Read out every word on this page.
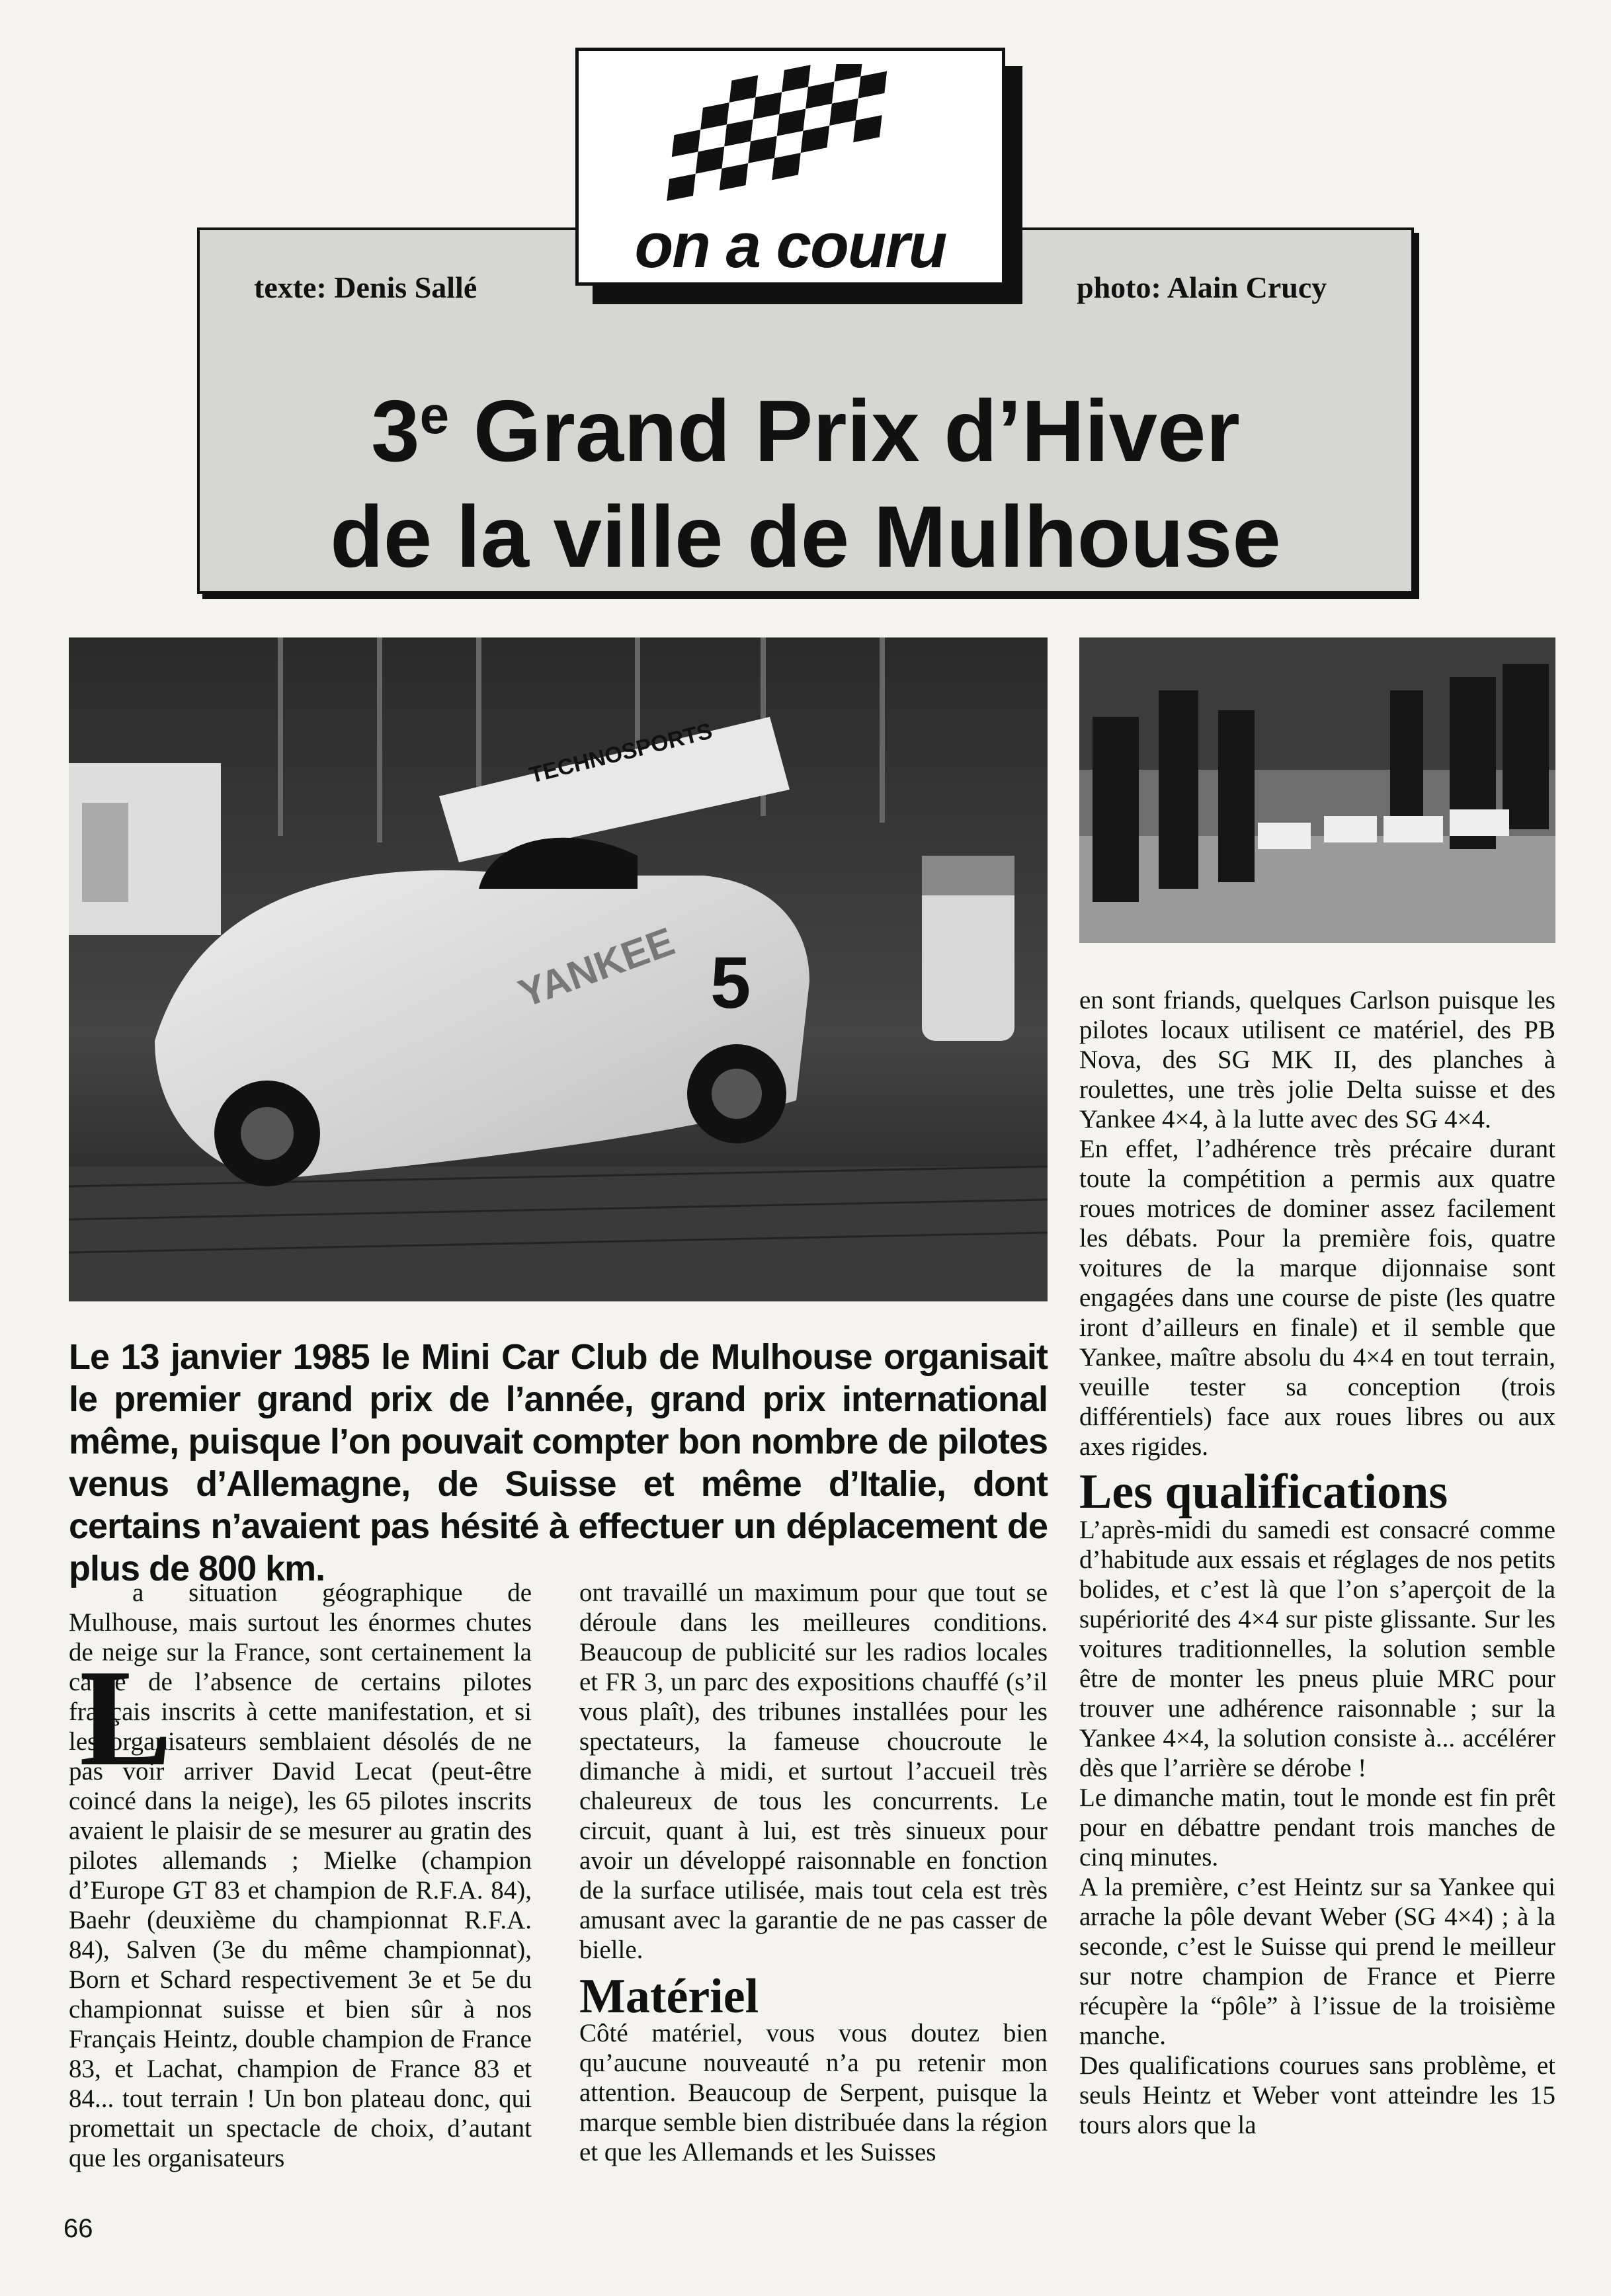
texte: Denis Sallé	photo: Alain Crucy
on a couru
3e Grand Prix d’Hiver
de la ville de Mulhouse
5
YANKEE
TECHNOSPORTS
Le 13 janvier 1985 le Mini Car Club de Mulhouse organisait le premier grand prix de l’année, grand prix international même, puisque l’on pouvait compter bon nombre de pilotes venus d’Allemagne, de Suisse et même d’Italie, dont certains n’avaient pas hésité à effectuer un déplacement de plus de 800 km.
L

a situation géographique de Mulhouse, mais surtout les énormes chutes de neige sur la France, sont certainement la cause de l’absence de certains pilotes français inscrits à cette manifestation, et si les organisateurs semblaient désolés de ne pas voir arriver David Lecat (peut-être coincé dans la neige), les 65 pilotes inscrits avaient le plaisir de se mesurer au gratin des pilotes allemands ; Mielke (champion d’Europe GT 83 et champion de R.F.A. 84), Baehr (deuxième du championnat R.F.A. 84), Salven (3e du même championnat), Born et Schard respectivement 3e et 5e du championnat suisse et bien sûr à nos Français Heintz, double champion de France 83, et Lachat, champion de France 83 et 84... tout terrain ! Un bon plateau donc, qui promettait un spectacle de choix, d’autant que les organisateurs

ont travaillé un maximum pour que tout se déroule dans les meilleures conditions. Beaucoup de publicité sur les radios locales et FR 3, un parc des expositions chauffé (s’il vous plaît), des tribunes installées pour les spectateurs, la fameuse choucroute le dimanche à midi, et surtout l’accueil très chaleureux de tous les concurrents. Le circuit, quant à lui, est très sinueux pour avoir un développé raisonnable en fonction de la surface utilisée, mais tout cela est très amusant avec la garantie de ne pas casser de bielle.

Matériel

Côté matériel, vous vous doutez bien qu’aucune nouveauté n’a pu retenir mon attention. Beaucoup de Serpent, puisque la marque semble bien distribuée dans la région et que les Allemands et les Suisses

en sont friands, quelques Carlson puisque les pilotes locaux utilisent ce matériel, des PB Nova, des SG MK II, des planches à roulettes, une très jolie Delta suisse et des Yankee 4×4, à la lutte avec des SG 4×4.

En effet, l’adhérence très précaire durant toute la compétition a permis aux quatre roues motrices de dominer assez facilement les débats. Pour la première fois, quatre voitures de la marque dijonnaise sont engagées dans une course de piste (les quatre iront d’ailleurs en finale) et il semble que Yankee, maître absolu du 4×4 en tout terrain, veuille tester sa conception (trois différentiels) face aux roues libres ou aux axes rigides.

Les qualifications

L’après-midi du samedi est consacré comme d’habitude aux essais et réglages de nos petits bolides, et c’est là que l’on s’aperçoit de la supériorité des 4×4 sur piste glissante. Sur les voitures traditionnelles, la solution semble être de monter les pneus pluie MRC pour trouver une adhérence raisonnable ; sur la Yankee 4×4, la solution consiste à... accélérer dès que l’arrière se dérobe !

Le dimanche matin, tout le monde est fin prêt pour en débattre pendant trois manches de cinq minutes.

A la première, c’est Heintz sur sa Yankee qui arrache la pôle devant Weber (SG 4×4) ; à la seconde, c’est le Suisse qui prend le meilleur sur notre champion de France et Pierre récupère la “pôle” à l’issue de la troisième manche.

Des qualifications courues sans problème, et seuls Heintz et Weber vont atteindre les 15 tours alors que la

66
